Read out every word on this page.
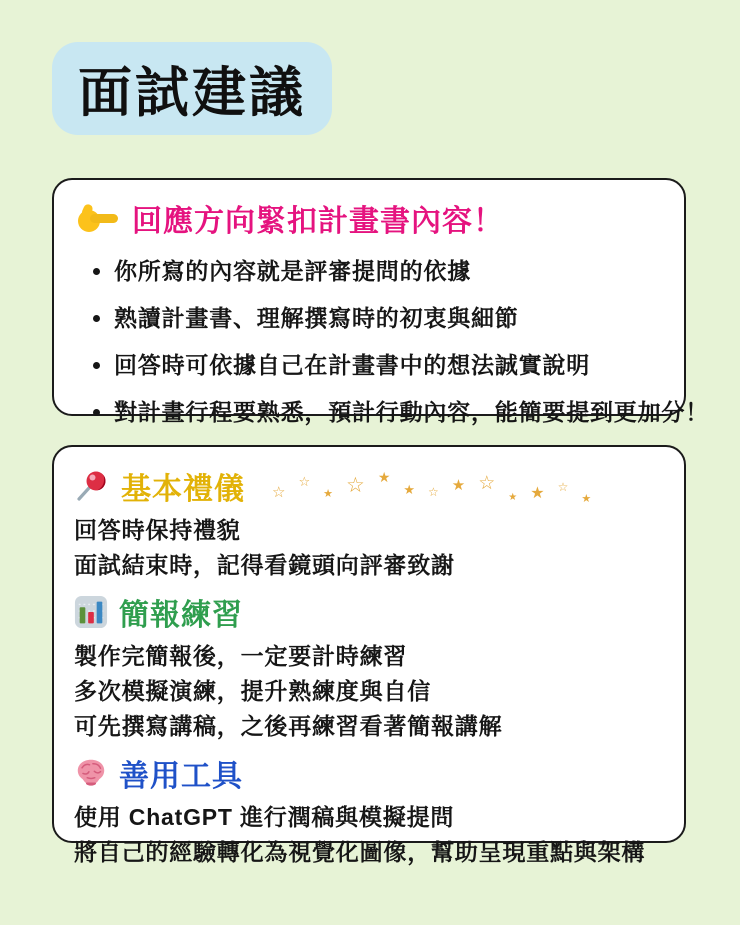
面試建議
回應方向緊扣計畫書內容！
• 你所寫的內容就是評審提問的依據
• 熟讀計畫書、理解撰寫時的初衷與細節
• 回答時可依據自己在計畫書中的想法誠實說明
• 對計畫行程要熟悉，預計行動內容，能簡要提到更加分！
基本禮儀 ☆
☆
★ ☆ ★
★ ☆ ★ ☆
★ ★ ☆
★
回答時保持禮貌
面試結束時，記得看鏡頭向評審致謝
簡報練習
製作完簡報後，一定要計時練習
多次模擬演練，提升熟練度與自信
可先撰寫講稿，之後再練習看著簡報講解
善用工具
使用 ChatGPT 進行潤稿與模擬提問
將自己的經驗轉化為視覺化圖像，幫助呈現重點與架構
